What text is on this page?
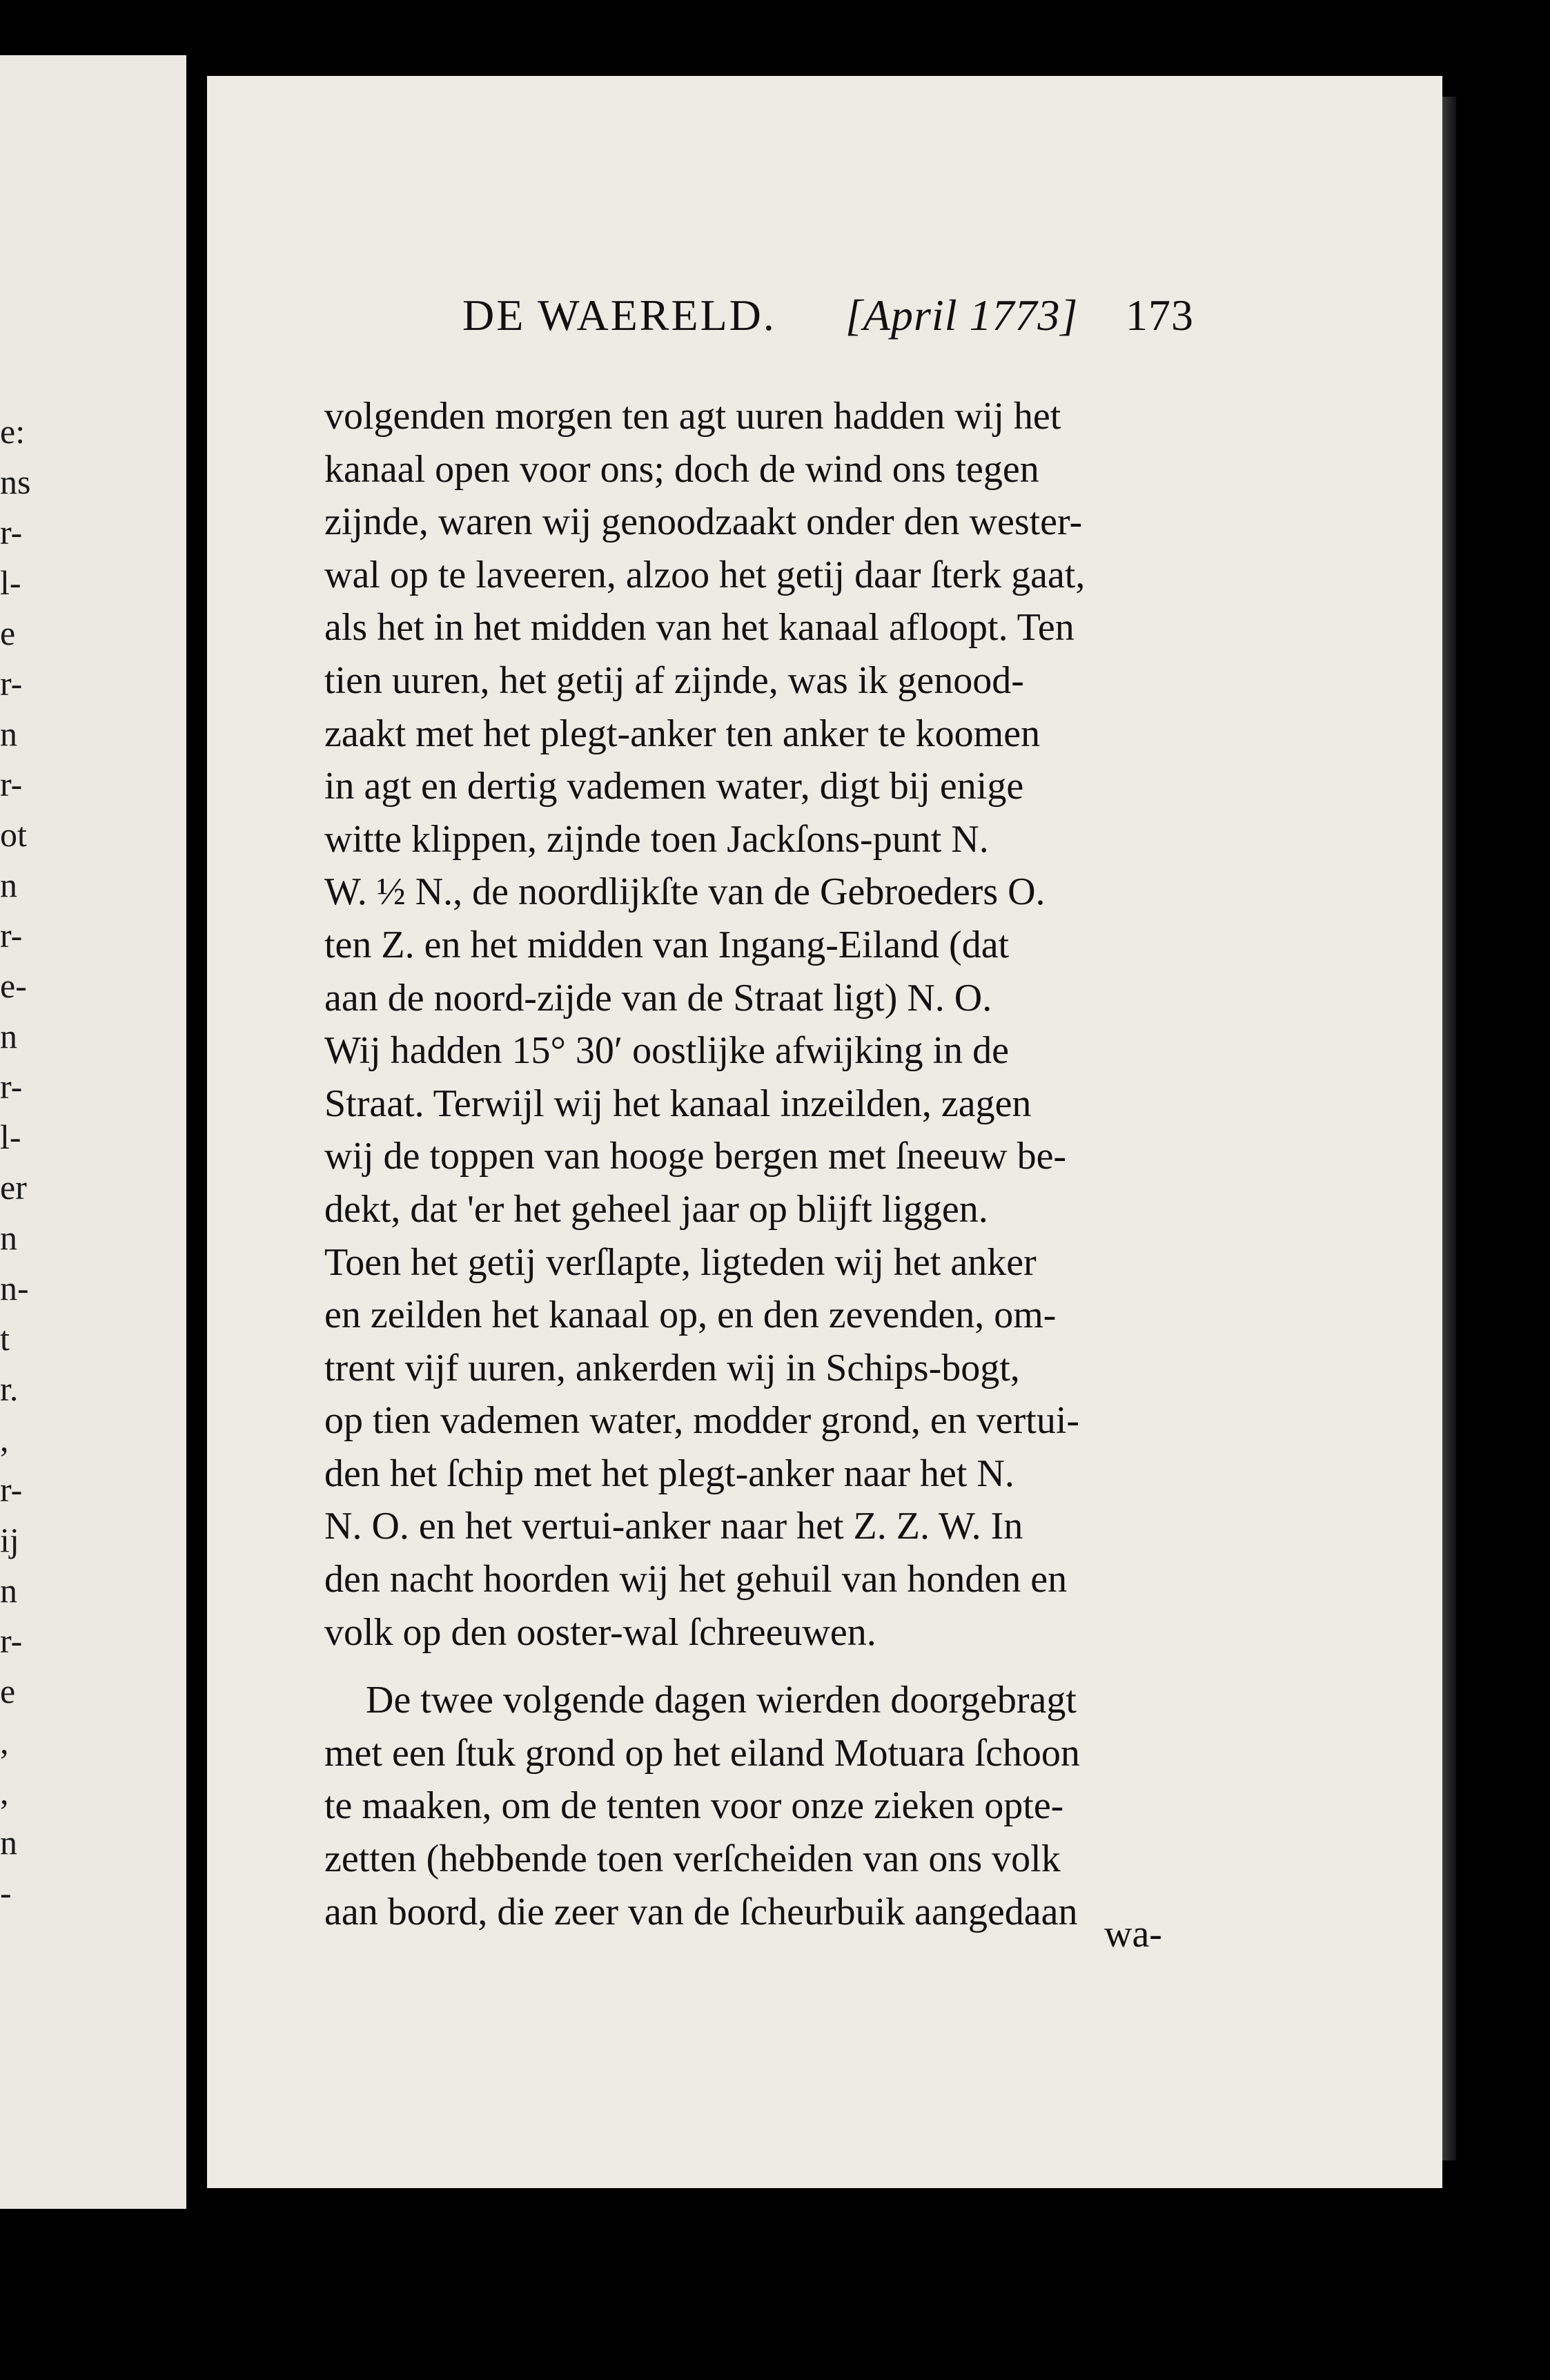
e:
ns
r-
l-
e
r-
n
r-
ot
n
r-
e-
n
r-
l-
er
n
n-
t
r.
,
r-
ij
n
r-
e
,
,
n
-
DE WAERELD. [April 1773] 173
volgenden morgen ten agt uuren hadden wij het
kanaal open voor ons; doch de wind ons tegen
zijnde, waren wij genoodzaakt onder den wester-
wal op te laveeren, alzoo het getij daar ſterk gaat,
als het in het midden van het kanaal afloopt. Ten
tien uuren, het getij af zijnde, was ik genood-
zaakt met het plegt-anker ten anker te koomen
in agt en dertig vademen water, digt bij enige
witte klippen, zijnde toen Jackſons-punt N.
W. ½ N., de noordlijkſte van de Gebroeders O.
ten Z. en het midden van Ingang-Eiland (dat
aan de noord-zijde van de Straat ligt) N. O.
Wij hadden 15° 30′ oostlijke afwijking in de
Straat. Terwijl wij het kanaal inzeilden, zagen
wij de toppen van hooge bergen met ſneeuw be-
dekt, dat 'er het geheel jaar op blijft liggen.
Toen het getij verſlapte, ligteden wij het anker
en zeilden het kanaal op, en den zevenden, om-
trent vijf uuren, ankerden wij in Schips-bogt,
op tien vademen water, modder grond, en vertui-
den het ſchip met het plegt-anker naar het N.
N. O. en het vertui-anker naar het Z. Z. W. In
den nacht hoorden wij het gehuil van honden en
volk op den ooster-wal ſchreeuwen.
De twee volgende dagen wierden doorgebragt
met een ſtuk grond op het eiland Motuara ſchoon
te maaken, om de tenten voor onze zieken opte-
zetten (hebbende toen verſcheiden van ons volk
aan boord, die zeer van de ſcheurbuik aangedaan
wa-
